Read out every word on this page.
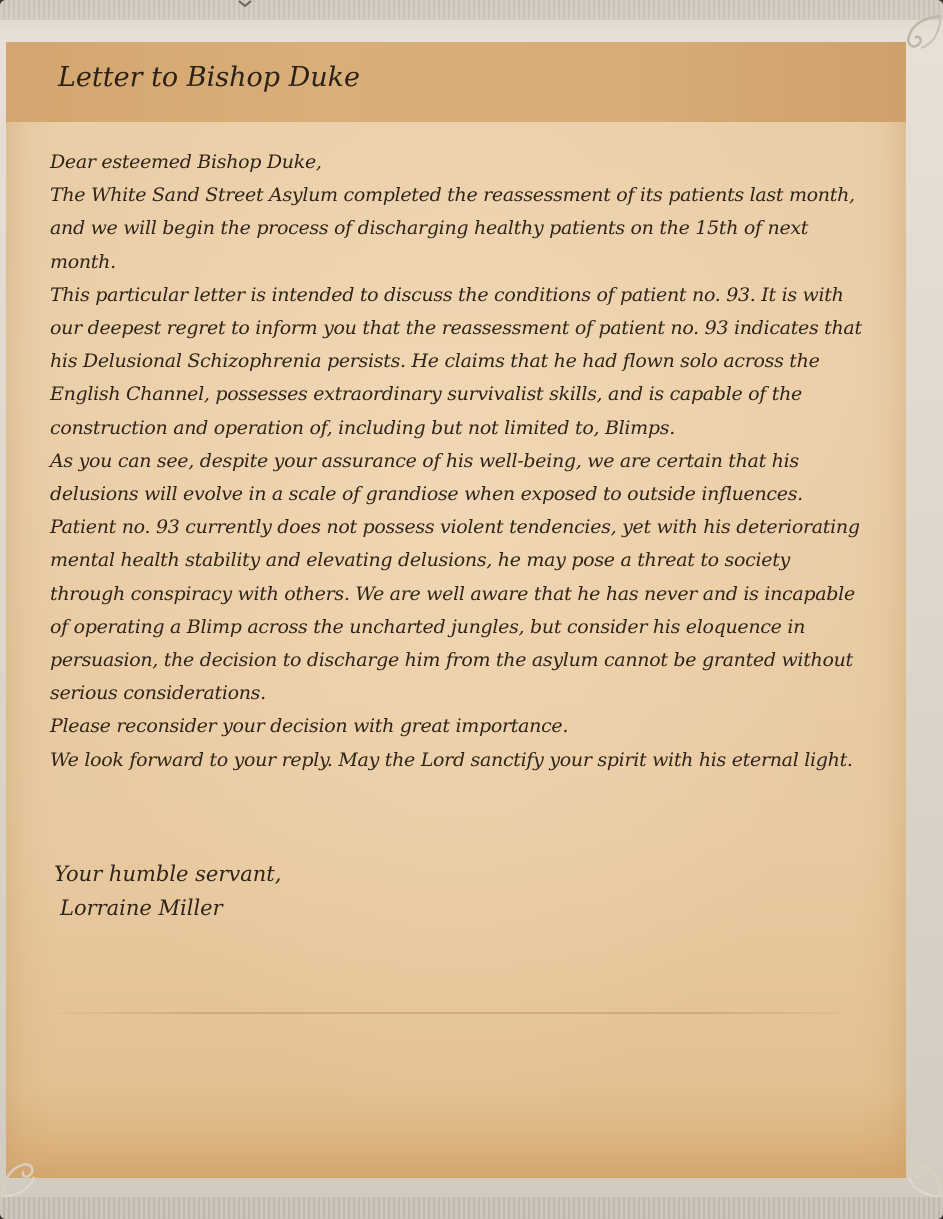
Letter to Bishop Duke

Dear esteemed Bishop Duke,

The White Sand Street Asylum completed the reassessment of its patients last month, and we will begin the process of discharging healthy patients on the 15th of next month.

This particular letter is intended to discuss the conditions of patient no. 93. It is with our deepest regret to inform you that the reassessment of patient no. 93 indicates that his Delusional Schizophrenia persists. He claims that he had flown solo across the English Channel, possesses extraordinary survivalist skills, and is capable of the construction and operation of, including but not limited to, Blimps.

As you can see, despite your assurance of his well-being, we are certain that his delusions will evolve in a scale of grandiose when exposed to outside influences. Patient no. 93 currently does not possess violent tendencies, yet with his deteriorating mental health stability and elevating delusions, he may pose a threat to society through conspiracy with others. We are well aware that he has never and is incapable of operating a Blimp across the uncharted jungles, but consider his eloquence in persuasion, the decision to discharge him from the asylum cannot be granted without serious considerations.

Please reconsider your decision with great importance.

We look forward to your reply. May the Lord sanctify your spirit with his eternal light.

Your humble servant,
Lorraine Miller
